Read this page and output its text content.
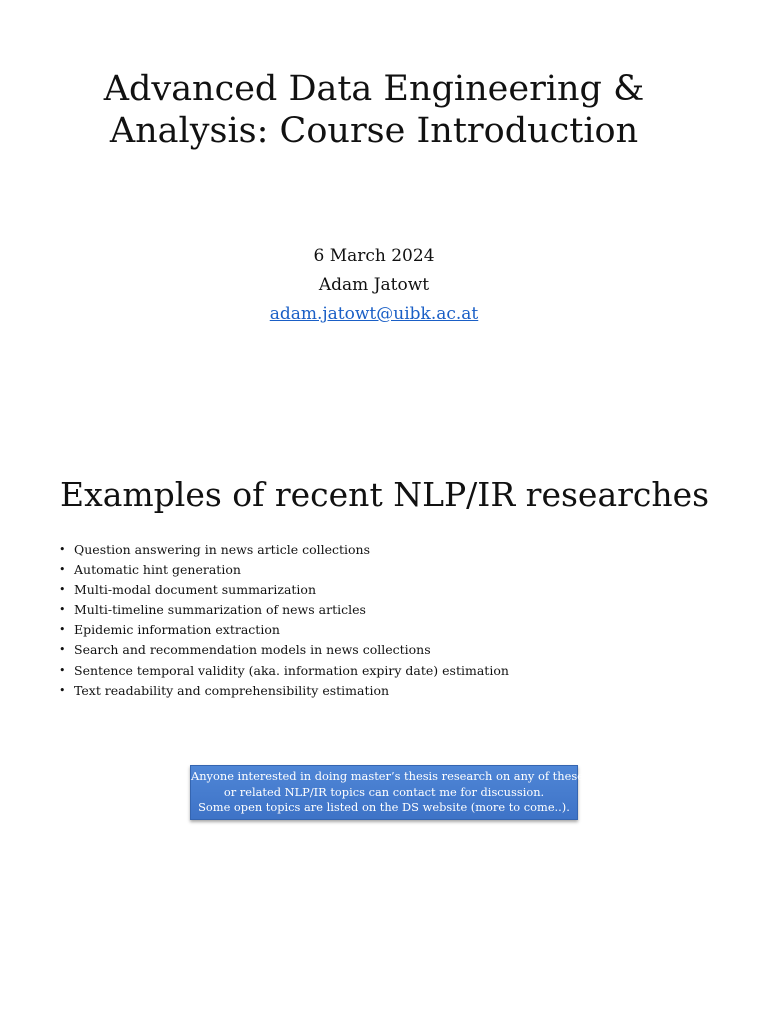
Advanced Data Engineering &
Analysis: Course Introduction
6 March 2024
Adam Jatowt
adam.jatowt@uibk.ac.at
Examples of recent NLP/IR researches
• Question answering in news article collections
• Automatic hint generation
• Multi-modal document summarization
• Multi-timeline summarization of news articles
• Epidemic information extraction
• Search and recommendation models in news collections
• Sentence temporal validity (aka. information expiry date) estimation
• Text readability and comprehensibility estimation
Anyone interested in doing master’s thesis research on any of these
or related NLP/IR topics can contact me for discussion.
Some open topics are listed on the DS website (more to come..).
